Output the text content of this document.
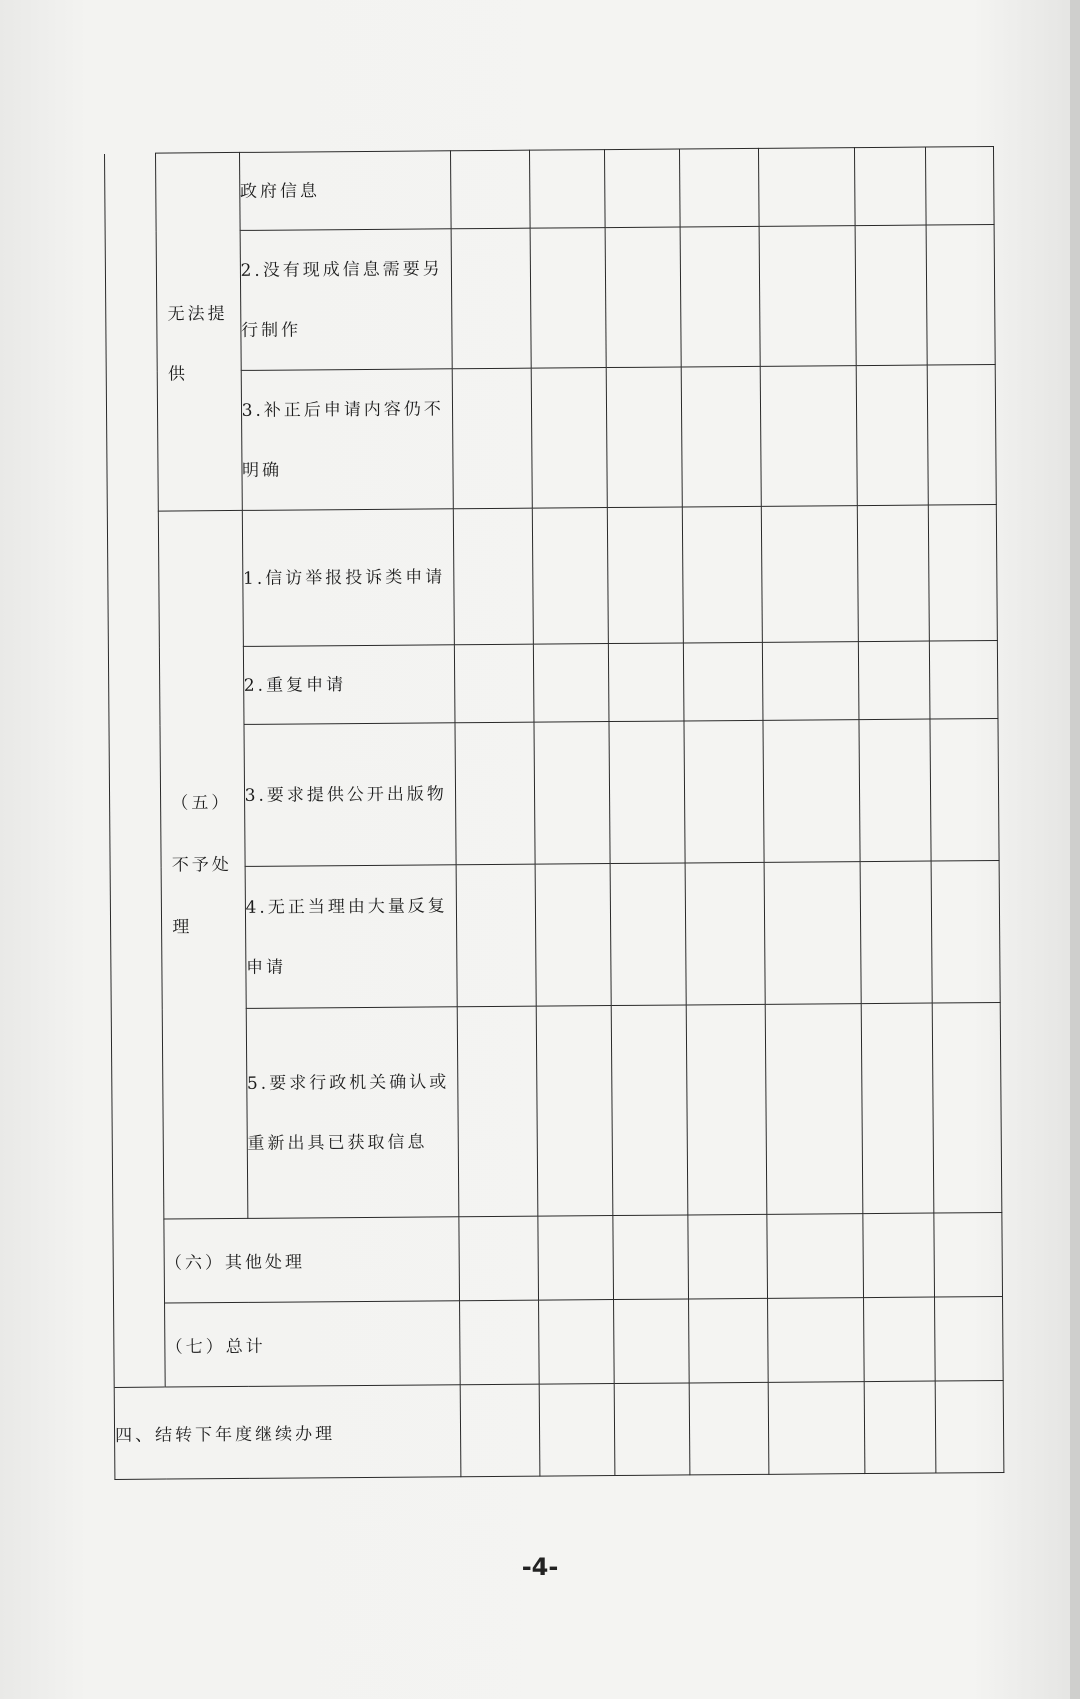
	无法提供	政府信息							

		2.没有现成信息需要另行制作							

		3.补正后申请内容仍不明确							

	（五）不予处理	1.信访举报投诉类申请							

		2.重复申请							

		3.要求提供公开出版物							

		4.无正当理由大量反复申请							

		5.要求行政机关确认或重新出具已获取信息							

	（六）其他处理								
	（七）总计								
四、结转下年度继续办理									
-4-
